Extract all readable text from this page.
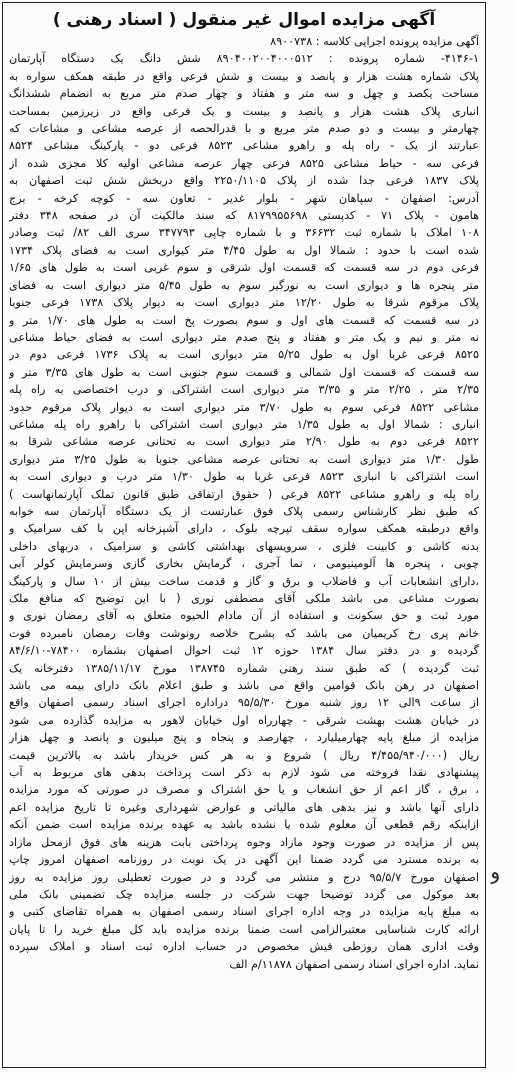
آگهی مزایده اموال غیر منقول ( اسناد رهنی )
آگهی مزایده پرونده اجرایی کلاسه : ۸۹۰۰۷۳۸
۴۱۴۶-۱- شماره پرونده : ۸۹۰۴۰۰۲۰۰۴۰۰۰۵۱۲ شش دانگ یک دستگاه آپارتمان
پلاک شماره هشت هزار و پانصد و بیست و شش فرعی واقع در طبقه همکف سواره به
مساحت یکصد و چهل و سه متر و هفتاد و چهار صدم متر مربع به انضمام ششدانگ
انباری پلاک هشت هزار و پانصد و بیست و یک فرعی واقع در زیرزمین بمساحت
چهارمتر و بیست و دو صدم متر مربع و با قدرالحصه از عرصه مشاعی و مشاعات که
عبارتند از یک - راه پله و راهرو مشاعی ۸۵۲۳ فرعی دو - پارکینگ مشاعی ۸۵۲۴
فرعی سه - حیاط مشاعی ۸۵۲۵ فرعی چهار عرصه مشاعی اولیه کلا مجزی شده از
پلاک ۱۸۳۷ فرعی جدا شده از پلاک ۲۲۵۰/۱۱۰۵ واقع دربخش شش ثبت اصفهان به
آدرس: اصفهان - سپاهان شهر - بلوار غدیر - تعاون سه - کوچه کرخه - برج
هامون - پلاک ۷۱ - کدپستی ۸۱۷۹۹۵۵۶۹۸ که سند مالکیت آن در صفحه ۳۴۸ دفتر
۱۰۸ املاک با شماره ثبت ۳۶۶۳۲ و با شماره چاپی ۳۴۷۷۹۳ سری الف ۸۲/ ثبت وصادر
شده است با حدود : شمالا اول به طول ۴/۴۵ متر کیواری است به فضای پلاک ۱۷۳۴
فرعی دوم در سه قسمت که قسمت اول شرقی و سوم غربی است به طول های ۱/۶۵
متر پنجره ها و دیواری است به نورگیر سوم به طول ۵/۴۵ متر دیواری است به فضای
پلاک مرقوم شرقا به طول ۱۲/۲۰ متر دیواری است به دیوار پلاک ۱۷۳۸ فرعی جنوبا
در سه قسمت که قسمت های اول و سوم بصورت پخ است به طول های ۱/۷۰ متر و
نه متر و نیم و یک متر و هفتاد و پنج صدم متر دیواری است به فضای حیاط مشاعی
۸۵۲۵ فرعی غربا اول به طول ۵/۲۵ متر دیواری است به پلاک ۱۷۳۶ فرعی دوم در
سه قسمت که قسمت اول شمالی و قسمت سوم جنوبی است به طول های ۳/۳۵ متر و
۲/۳۵ متر ، ۲/۲۵ متر و ۳/۳۵ متر دیواری است اشتراکی و درب اختصاصی به راه پله
مشاعی ۸۵۲۲ فرعی سوم به طول ۳/۷۰ متر دیواری است به دیوار پلاک مرقوم حدود
انباری : شمالا اول به طول ۱/۳۵ متر دیواری است اشتراکی با راهرو راه پله مشاعی
۸۵۲۲ فرعی دوم به طول ۲/۹۰ متر دیواری است به تحتانی عرصه مشاعی شرقا به
طول ۱/۳۰ متر دیواری است به تحتانی عرصه مشاعی جنوبا به طول ۳/۲۵ متر دیواری
است اشتراکی با انباری ۸۵۲۳ فرعی غربا به طول ۱/۳۰ متر درب و دیواری است به
راه پله و راهرو مشاعی ۸۵۲۲ فرعی ( حقوق ارتفاقی طبق قانون تملک آپارتمانهاست )
که طبق نظر کارشناس رسمی پلاک فوق عبارتست از یک دستگاه آپارتمان سه خوابه
واقع درطبقه همکف سواره سقف تیرچه بلوک ، دارای آشپزخانه اپن با کف سرامیک و
بدنه کاشی و کابینت فلزی ، سرویسهای بهداشتی کاشی و سرامیک ، دربهای داخلی
چوبی ، پنجره ها آلومینیومی ، نما آجری ، گرمایش بخاری گازی وسرمایش کولر آبی
،دارای انشعابات آب و فاضلاب و برق و گاز و قدمت ساخت بیش از ۱۰ سال و پارکینگ
بصورت مشاعی می باشد ملکی آقای مصطفی نوری ( با این توضیح که منافع ملک
مورد ثبت و حق سکونت و استفاده از آن مادام الحیوه متعلق به آقای رمضان نوری و
خانم پری رخ کریمیان می باشد که بشرح خلاصه رونوشت وفات رمضان نامبرده فوت
گردیده و در دفتر سال ۱۳۸۴ حوزه ۱۲ ثبت احوال اصفهان بشماره ۷۸۴۰۰-۸۴/۶/۱۰
ثبت گردیده ) که طبق سند رهنی شماره ۱۳۸۷۴۵ مورخ ۱۳۸۵/۱۱/۱۷ دفترخانه یک
اصفهان در رهن بانک قوامین واقع می باشد و طبق اعلام بانک دارای بیمه می باشد
از ساعت ۹الی ۱۲ روز شنبه مورخ ۹۵/۵/۳۰ دراداره اجرای اسناد رسمی اصفهان واقع
در خیابان هشت بهشت شرقی - چهارراه اول خیابان لاهور به مزایده گذارده می شود
مزایده از مبلغ پایه چهارمیلیارد ، چهارصد و پنجاه و پنج میلیون و پانصد و چهل هزار
ریال (۴/۴۵۵/۹۴۰/۰۰۰ ریال ) شروع و به هر کس خریدار باشد به بالاترین قیمت
پیشنهادی نقدا فروخته می شود لازم به ذکر است پرداخت بدهی های مربوط به آب
، برق ، گاز اعم از حق انشعاب و یا حق اشتراک و مصرف در صورتی که مورد مزایده
دارای آنها باشد و نیز بدهی های مالیاتی و عوارض شهرداری وغیره تا تاریخ مزایده اعم
ازاینکه رقم قطعی آن معلوم شده یا نشده باشد به عهده برنده مزایده است ضمن آنکه
پس از مزایده در صورت وجود مازاد وجوه پرداختی بابت هزینه های فوق ازمحل مازاد
به برنده مسترد می گردد ضمنا این آگهی در یک نوبت در روزنامه اصفهان امروز چاپ
اصفهان مورخ ۹۵/۵/۷ درج و منتشر می گردد و در صورت تعطیلی روز مزایده به روز
بعد موکول می گردد توضیحا جهت شرکت در جلسه مزایده چک تضمینی بانک ملی
به مبلغ پایه مزایده در وجه اداره اجرای اسناد رسمی اصفهان به همراه تقاضای کتبی و
ارائه کارت شناسایی معتبرالزامی است ضمنا برنده مزایده باید کل مبلغ خرید را تا پایان
وقت اداری همان روزطی فیش مخصوص در حساب اداره ثبت اسناد و املاک سپرده
نماید. اداره اجرای اسناد رسمی اصفهان ۱۱۸۷۸/م الف
و
